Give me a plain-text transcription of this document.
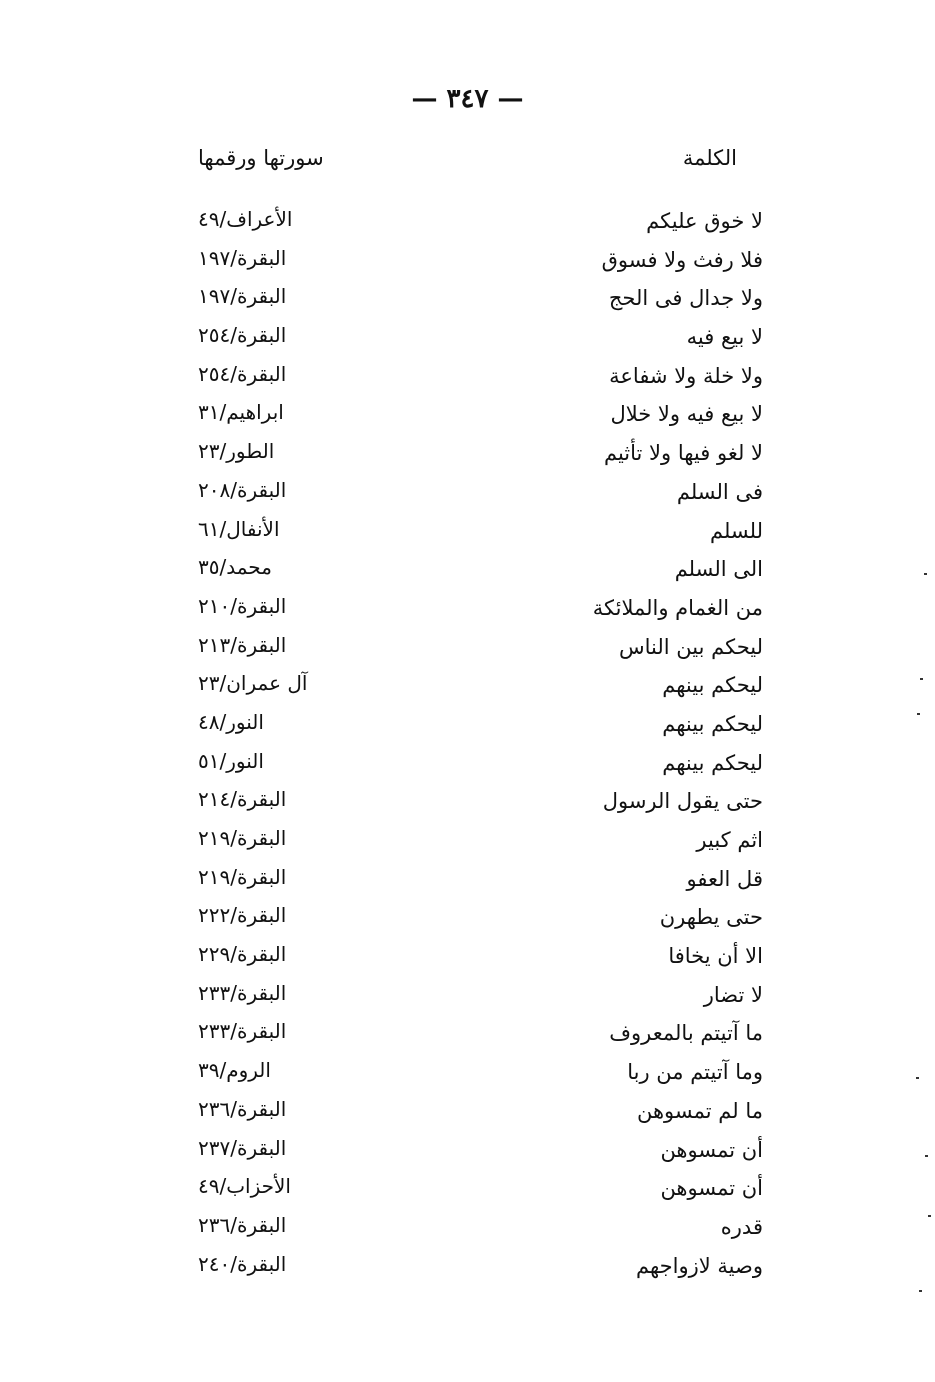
— ٣٤٧ —
الكلمة
سورتها ورقمها
لا خوق عليكم
الأعراف/٤٩
فلا رفث ولا فسوق
البقرة/١٩٧
ولا جدال فى الحج
البقرة/١٩٧
لا بيع فيه
البقرة/٢٥٤
ولا خلة ولا شفاعة
البقرة/٢٥٤
لا بيع فيه ولا خلال
ابراهيم/٣١
لا لغو فيها ولا تأثيم
الطور/٢٣
فى السلم
البقرة/٢٠٨
للسلم
الأنفال/٦١
الى السلم
محمد/٣٥
من الغمام والملائكة
البقرة/٢١٠
ليحكم بين الناس
البقرة/٢١٣
ليحكم بينهم
آل عمران/٢٣
ليحكم بينهم
النور/٤٨
ليحكم بينهم
النور/٥١
حتى يقول الرسول
البقرة/٢١٤
اثم كبير
البقرة/٢١٩
قل العفو
البقرة/٢١٩
حتى يطهرن
البقرة/٢٢٢
الا أن يخافا
البقرة/٢٢٩
لا تضار
البقرة/٢٣٣
ما آتيتم بالمعروف
البقرة/٢٣٣
وما آتيتم من ربا
الروم/٣٩
ما لم تمسوهن
البقرة/٢٣٦
أن تمسوهن
البقرة/٢٣٧
أن تمسوهن
الأحزاب/٤٩
قدره
البقرة/٢٣٦
وصية لازواجهم
البقرة/٢٤٠
